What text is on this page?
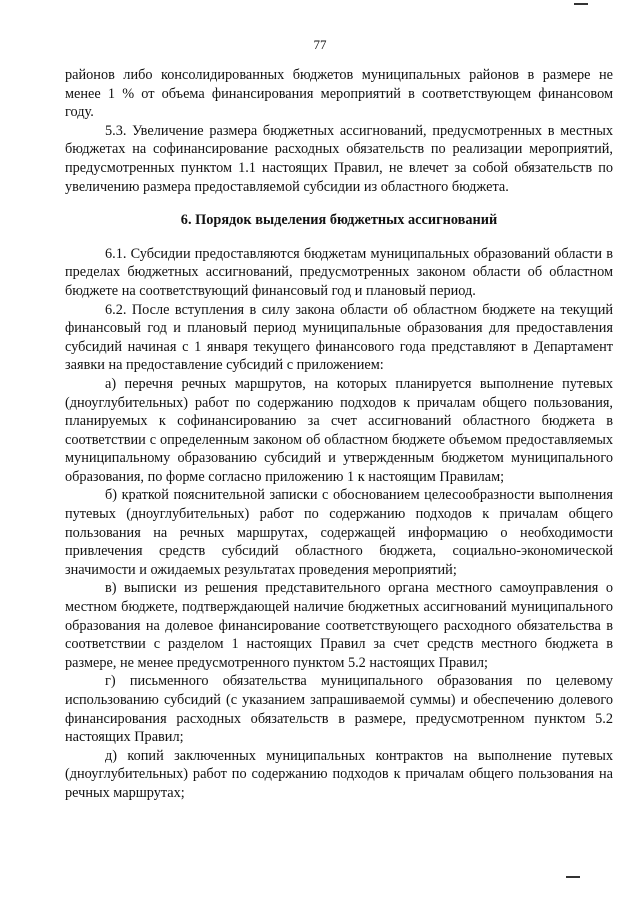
77

районов либо консолидированных бюджетов муниципальных районов в размере не менее 1 % от объема финансирования мероприятий в соответствующем финансовом году.

5.3. Увеличение размера бюджетных ассигнований, предусмотренных в местных бюджетах на софинансирование расходных обязательств по реализации мероприятий, предусмотренных пунктом 1.1 настоящих Правил, не влечет за собой обязательств по увеличению размера предоставляемой субсидии из областного бюджета.

6. Порядок выделения бюджетных ассигнований

6.1. Субсидии предоставляются бюджетам муниципальных образований области в пределах бюджетных ассигнований, предусмотренных законом области об областном бюджете на соответствующий финансовый год и плановый период.

6.2. После вступления в силу закона области об областном бюджете на текущий финансовый год и плановый период муниципальные образования для предоставления субсидий начиная с 1 января текущего финансового года представляют в Департамент заявки на предоставление субсидий с приложением:

а) перечня речных маршрутов, на которых планируется выполнение путевых (дноуглубительных) работ по содержанию подходов к причалам общего пользования, планируемых к софинансированию за счет ассигнований областного бюджета в соответствии с определенным законом об областном бюджете объемом предоставляемых муниципальному образованию субсидий и утвержденным бюджетом муниципального образования, по форме согласно приложению 1 к настоящим Правилам;

б) краткой пояснительной записки с обоснованием целесообразности выполнения путевых (дноуглубительных) работ по содержанию подходов к причалам общего пользования на речных маршрутах, содержащей информацию о необходимости привлечения средств субсидий областного бюджета, социально-экономической значимости и ожидаемых результатах проведения мероприятий;

в) выписки из решения представительного органа местного самоуправления о местном бюджете, подтверждающей наличие бюджетных ассигнований муниципального образования на долевое финансирование соответствующего расходного обязательства в соответствии с разделом 1 настоящих Правил за счет средств местного бюджета в размере, не менее предусмотренного пунктом 5.2 настоящих Правил;

г) письменного обязательства муниципального образования по целевому использованию субсидий (с указанием запрашиваемой суммы) и обеспечению долевого финансирования расходных обязательств в размере, предусмотренном пунктом 5.2 настоящих Правил;

д) копий заключенных муниципальных контрактов на выполнение путевых (дноуглубительных) работ по содержанию подходов к причалам общего пользования на речных маршрутах;
